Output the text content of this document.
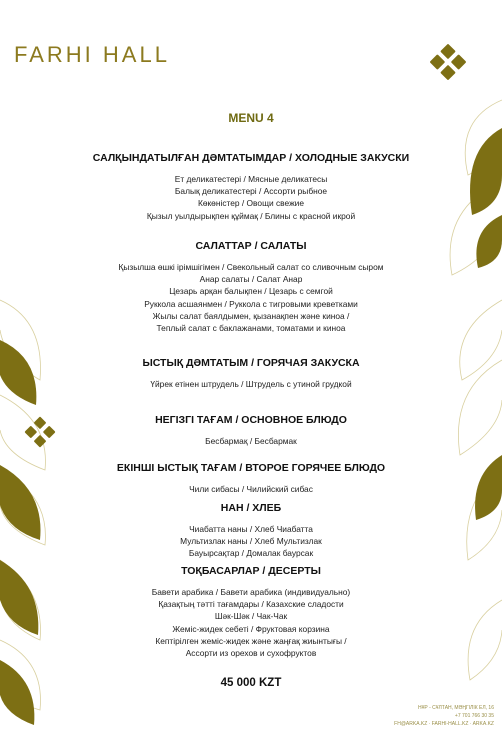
FARHI HALL
MENU 4
САЛҚЫНДАТЫЛҒАН ДӘМТАТЫМДАР / ХОЛОДНЫЕ ЗАКУСКИ
Ет деликатестері / Мясные деликатесы
Балық деликатестері / Ассорти рыбное
Көкөністер / Овощи свежие
Қызыл уылдырықпен құймақ / Блины с красной икрой
САЛАТТАР / САЛАТЫ
Қызылша өшкі ірімшігімен / Свекольный салат со сливочным сыром
Анар салаты / Салат Анар
Цезарь арқан балықпен / Цезарь с семгой
Руккола асшаянмен / Руккола с тигровыми креветками
Жылы салат баялдымен, қызанақпен және киноа /
Теплый салат с баклажанами, томатами и киноа
ЫСТЫҚ ДӘМТАТЫМ / ГОРЯЧАЯ ЗАКУСКА
Үйрек етінен штрудель / Штрудель с утиной грудкой
НЕГІЗГІ ТАҒАМ / ОСНОВНОЕ БЛЮДО
Бесбармақ / Бесбармак
ЕКІНШІ ЫСТЫҚ ТАҒАМ / ВТОРОЕ ГОРЯЧЕЕ БЛЮДО
Чили сибасы / Чилийский сибас
НАН / ХЛЕБ
Чиабатта наны / Хлеб Чиабатта
Мультизлак наны / Хлеб Мультизлак
Бауырсақтар / Домалак баурсак
ТОҚБАСАРЛАР / ДЕСЕРТЫ
Бавети арабика / Бавети арабика (индивидуально)
Қазақтың тәтті тағамдары / Казахские сладости
Шәк-Шәк / Чак-Чак
Жеміс-жидек себеті / Фруктовая корзина
Кептірілген жеміс-жидек және жаңғақ жиынтығы /
Ассорти из орехов и сухофруктов
45 000 KZT
НҰР - СҰЛТАН, МӘҢГІЛІК ЕЛ, 16
+7 701 766 30 35
FH@ARKA.KZ · FARHI-HALL.KZ · ARKA.KZ
